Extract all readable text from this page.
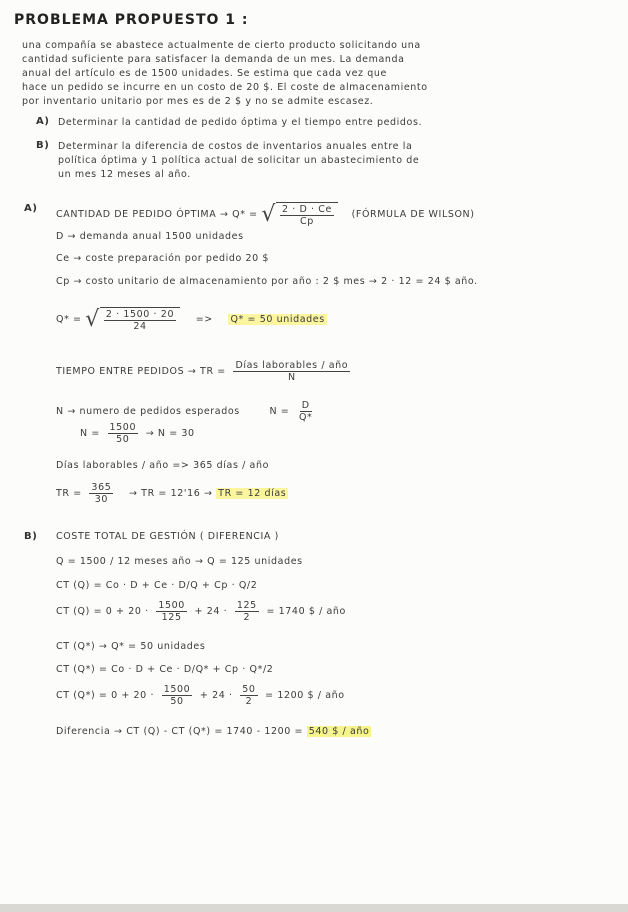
PROBLEMA PROPUESTO 1 :
una compañía se abastece actualmente de cierto producto solicitando una
cantidad suficiente para satisfacer la demanda de un mes. La demanda
anual del artículo es de 1500 unidades. Se estima que cada vez que
hace un pedido se incurre en un costo de 20 $. El coste de almacenamiento
por inventario unitario por mes es de 2 $ y no se admite escasez.
A) Determinar la cantidad de pedido óptima y el tiempo entre pedidos.
B) Determinar la diferencia de costos de inventarios anuales entre la
política óptima y 1 política actual de solicitar un abastecimiento de
un mes 12 meses al año.
A)
CANTIDAD DE PEDIDO ÓPTIMA → Q* = √ $\frac{2 \cdot D \cdot Ce}{Cp}$ (FÓRMULA DE WILSON)
D → demanda anual 1500 unidades
Ce → coste preparación por pedido 20 $
Cp → costo unitario de almacenamiento por año : 2 $ mes → 2 · 12 = 24 $ año.
Q* = √ $\frac{2 \cdot 1500 \cdot 20}{24} => Q* = 50$ unidades
TIEMPO ENTRE PEDIDOS → TR = $\frac{\text{Días laborables / año}}{N}$
N → numero de pedidos esperados	$N = \frac{D}{Q*}$
$N = \frac{1500}{50} \to N = 30$
Días laborables / año => 365 días / año
TR = $\frac{365}{30}$ → TR = 12'16 → TR = 12 días
B) COSTE TOTAL DE GESTIÓN ( DIFERENCIA )
Q = 1500 / 12 meses año → Q = 125 unidades
CT (Q) = Co · D + Ce · D/Q + Cp · Q/2
CT $(Q) = 0 + 20 \cdot \frac{1500}{125} + 24 \cdot \frac{125}{2} = 1740$ $ / año
CT (Q*) → Q* = 50 unidades
CT (Q*) = Co · D + Ce · D/Q* + Cp · Q*/2
CT $(Q*) = 0 + 20 \cdot \frac{1500}{50} + 24 \cdot \frac{50}{2} = 1200$ $ / año
Diferencia → CT (Q) - CT (Q*) = 1740 - 1200 = 540 $ / año
